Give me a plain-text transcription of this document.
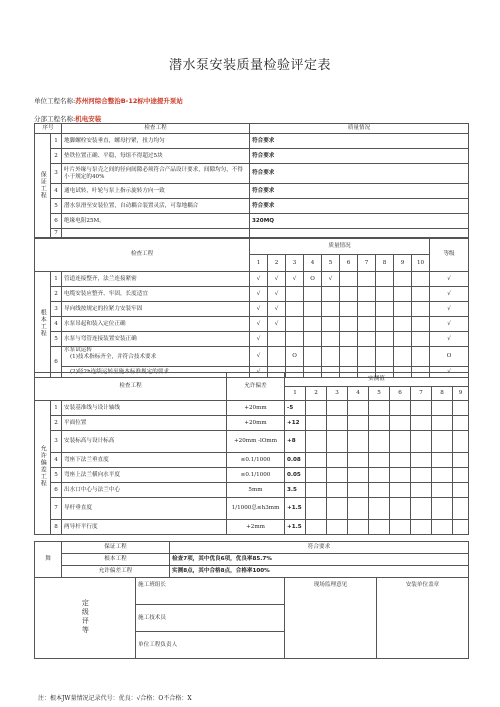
潜水泵安装质量检验评定表
单位工程名称:苏州河综合整治B-12标中途提升泵站
分部工程名称:机电安装
序号		检查工程	质量情况
保证工程	1	地脚螺栓安装垂直，螺母拧紧，扭力均匀	符合要求
	2	垫铁位置正确、平稳，每组不得超过5块	符合要求
	3	叶片外缘与泵壳之间的径向间隙必须符合产品设计要求，间隙均匀，不得小于规定的40%	符合要求
	4	通电试转，叶轮与泵上指示旋转方向一致	符合要求
	5	潜水泵滑至安装位置，自动耦合装置灵活，可靠地耦合	符合要求
	6	绝缘电阻25M。	320MQ
	7		
检查工程			质量情况										等级
			1	2	3	4	5	6	7	8	9	10	
根本工程	1	管道连接整齐，法兰连接紧密	√	√	√	O	√						√
	2	电缆安装应整齐、牢固，长度适宜	√	√									√
	3	导向线按规定的拉紧力安装牢固	√	√									√
	4	水泵吊起和装入定位正确	√	√									√
	5	水泵与弯管连接装置安装正确	√										√
	6	水泵试运转
(1)技术指标齐全，并符合技术要求	√		O								O
		(2)经2h连续运转至施本标准规定的要求	√										√
检查工程			允许偏差	实测值								
				1	2	3	4	5	6	7	8	9
允许偏差工程	1	安装基准线与设计轴线	+20mm	-5								
	2	平面位置	+20mm	+12								
	3	安装标高与设计标高	+20mm -lOmm	+8								
	4	弯座下法兰垂直度	≤0.1/1000	0.08								
	5	弯座上法兰横向水平度	≤0.1/1000	0.05								
	6	出水口中心与法兰中心	5mm	3.5								
	7	导杆垂直度	1/1000总≤h3mm	+1.5								
	8	两导杆平行度	+2mm	+1.5								
舞	保证工程	符合要求
	根本工程	检查7项，其中优良6项，优良率85.7%
	允许偏差工程	实测8点，其中合格8点，合格率100%
定级评等	施工班组长	现场监理意见	安装单位盖章
施工技术员
单位工程负责人
注：根本JW量情况记录代号：优良：√合格：O不合格：X
